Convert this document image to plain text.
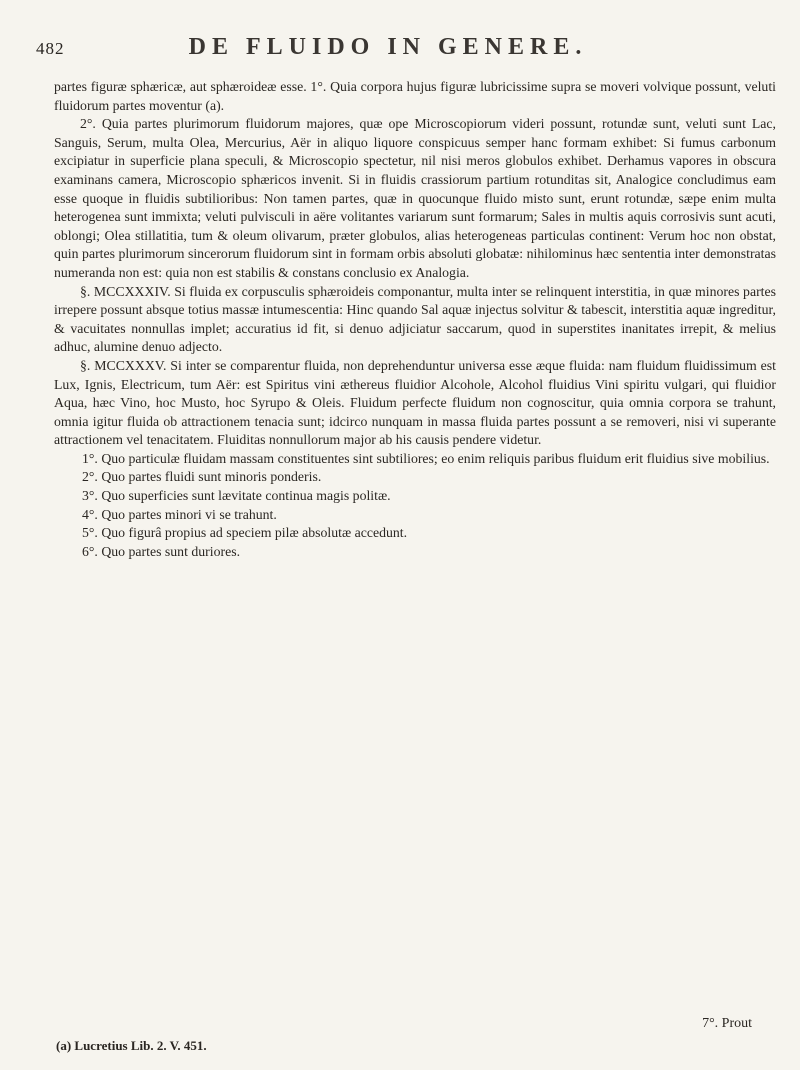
482	DE FLUIDO IN GENERE.

partes figuræ sphæricæ, aut sphæroideæ esse. 1°. Quia corpora hujus figuræ lubricissime supra se moveri volvique possunt, veluti fluidorum partes moventur (a).

2°. Quia partes plurimorum fluidorum majores, quæ ope Microscopiorum videri possunt, rotundæ sunt, veluti sunt Lac, Sanguis, Serum, multa Olea, Mercurius, Aër in aliquo liquore conspicuus semper hanc formam exhibet: Si fumus carbonum excipiatur in superficie plana speculi, & Microscopio spectetur, nil nisi meros globulos exhibet. Derhamus vapores in obscura examinans camera, Microscopio sphæricos invenit. Si in fluidis crassiorum partium rotunditas sit, Analogice concludimus eam esse quoque in fluidis subtilioribus: Non tamen partes, quæ in quocunque fluido misto sunt, erunt rotundæ, sæpe enim multa heterogenea sunt immixta; veluti pulvisculi in aëre volitantes variarum sunt formarum; Sales in multis aquis corrosivis sunt acuti, oblongi; Olea stillatitia, tum & oleum olivarum, præter globulos, alias heterogeneas particulas continent: Verum hoc non obstat, quin partes plurimorum sincerorum fluidorum sint in formam orbis absoluti globatæ: nihilominus hæc sententia inter demonstratas numeranda non est: quia non est stabilis & constans conclusio ex Analogia.

§. MCCXXXIV. Si fluida ex corpusculis sphæroideis componantur, multa inter se relinquent interstitia, in quæ minores partes irrepere possunt absque totius massæ intumescentia: Hinc quando Sal aquæ injectus solvitur & tabescit, interstitia aquæ ingreditur, & vacuitates nonnullas implet; accuratius id fit, si denuo adjiciatur saccarum, quod in superstites inanitates irrepit, & melius adhuc, alumine denuo adjecto.

§. MCCXXXV. Si inter se comparentur fluida, non deprehenduntur universa esse æque fluida: nam fluidum fluidissimum est Lux, Ignis, Electricum, tum Aër: est Spiritus vini æthereus fluidior Alcohole, Alcohol fluidius Vini spiritu vulgari, qui fluidior Aqua, hæc Vino, hoc Musto, hoc Syrupo & Oleis. Fluidum perfecte fluidum non cognoscitur, quia omnia corpora se trahunt, omnia igitur fluida ob attractionem tenacia sunt; idcirco nunquam in massa fluida partes possunt a se removeri, nisi vi superante attractionem vel tenacitatem. Fluiditas nonnullorum major ab his causis pendere videtur.

1°. Quo particulæ fluidam massam constituentes sint subtiliores; eo enim reliquis paribus fluidum erit fluidius sive mobilius.

2°. Quo partes fluidi sunt minoris ponderis.

3°. Quo superficies sunt lævitate continua magis politæ.

4°. Quo partes minori vi se trahunt.

5°. Quo figurâ propius ad speciem pilæ absolutæ accedunt.

6°. Quo partes sunt duriores.

7°. Prout
(a) Lucretius Lib. 2. V. 451.
